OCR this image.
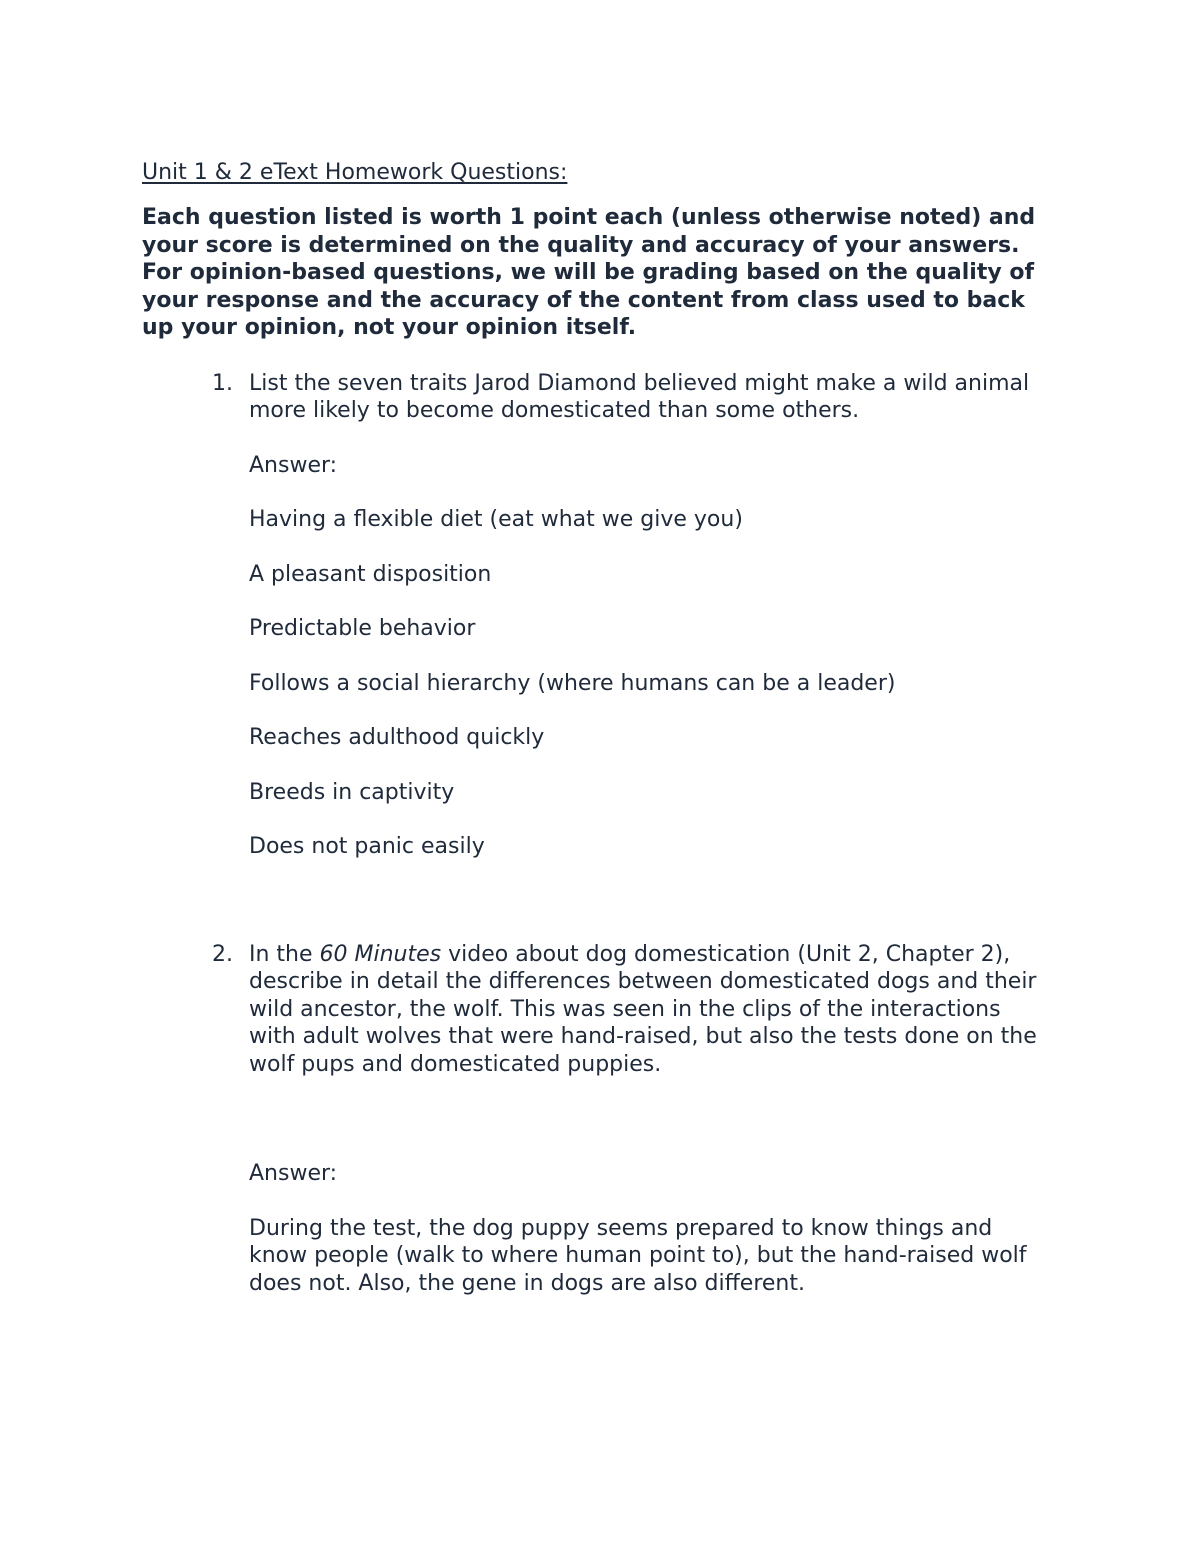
Unit 1 & 2 eText Homework Questions:
Each question listed is worth 1 point each (unless otherwise noted) and your score is determined on the quality and accuracy of your answers. For opinion-based questions, we will be grading based on the quality of your response and the accuracy of the content from class used to back up your opinion, not your opinion itself.
1. List the seven traits Jarod Diamond believed might make a wild animal more likely to become domesticated than some others.
Answer:
Having a flexible diet (eat what we give you)
A pleasant disposition
Predictable behavior
Follows a social hierarchy (where humans can be a leader)
Reaches adulthood quickly
Breeds in captivity
Does not panic easily
2. In the 60 Minutes video about dog domestication (Unit 2, Chapter 2), describe in detail the differences between domesticated dogs and their wild ancestor, the wolf. This was seen in the clips of the interactions with adult wolves that were hand-raised, but also the tests done on the wolf pups and domesticated puppies.
Answer:
During the test, the dog puppy seems prepared to know things and know people (walk to where human point to), but the hand-raised wolf does not. Also, the gene in dogs are also different.
